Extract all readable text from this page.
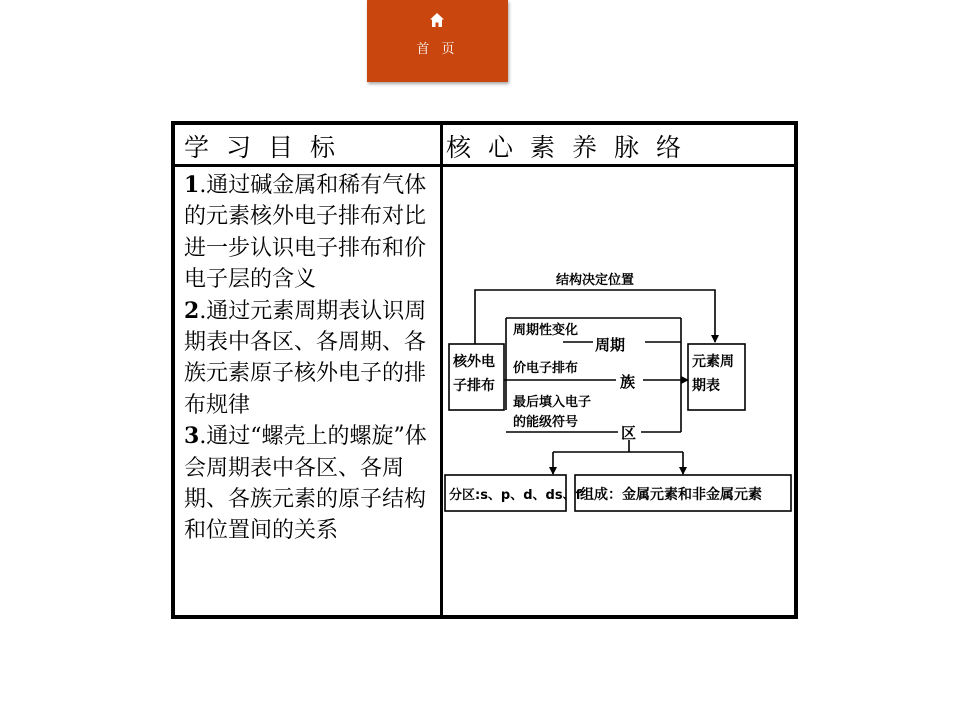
首 页
学习目标	核心素养脉络

1.通过碱金属和稀有气体的元素核外电子排布对比进一步认识电子排布和价电子层的含义

2.通过元素周期表认识周期表中各区、各周期、各族元素原子核外电子的排布规律

3.通过“螺壳上的螺旋”体会周期表中各区、各周期、各族元素的原子结构和位置间的关系

结构决定位置
核外电
子排布
元素周
期表
周期性变化
周期
价电子排布
族
最后填入电子
的能级符号
区
分区:s、p、d、ds、f
组成：金属元素和非金属元素
